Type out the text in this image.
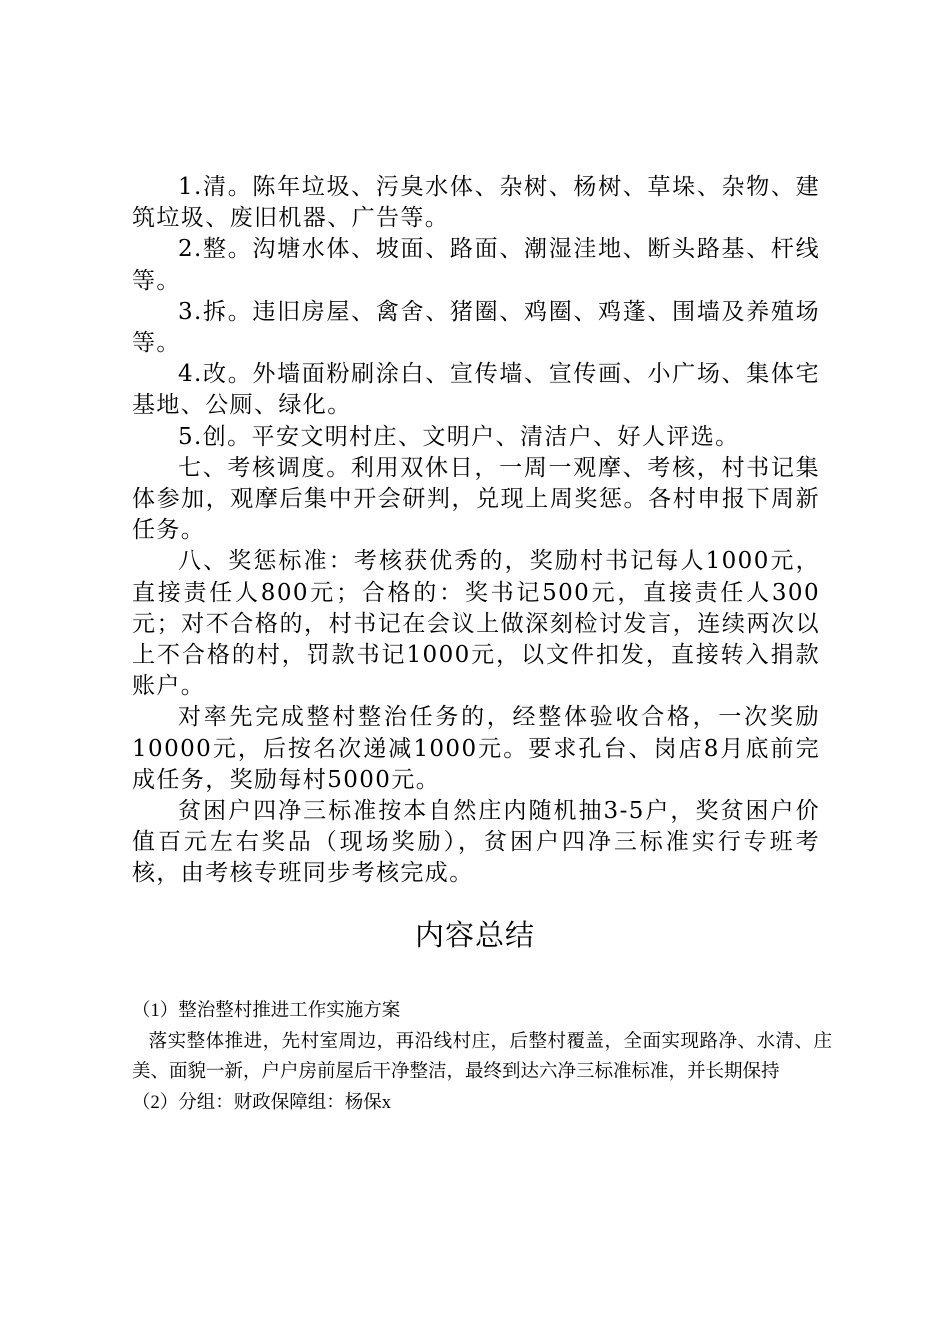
1.清。陈年垃圾、污臭水体、杂树、杨树、草垛、杂物、建筑垃圾、废旧机器、广告等。

2.整。沟塘水体、坡面、路面、潮湿洼地、断头路基、杆线等。

3.拆。违旧房屋、禽舍、猪圈、鸡圈、鸡蓬、围墙及养殖场等。

4.改。外墙面粉刷涂白、宣传墙、宣传画、小广场、集体宅基地、公厕、绿化。

5.创。平安文明村庄、文明户、清洁户、好人评选。

七、考核调度。利用双休日，一周一观摩、考核，村书记集体参加，观摩后集中开会研判，兑现上周奖惩。各村申报下周新任务。

八、奖惩标准：考核获优秀的，奖励村书记每人1000元，直接责任人800元；合格的：奖书记500元，直接责任人300元；对不合格的，村书记在会议上做深刻检讨发言，连续两次以上不合格的村，罚款书记1000元，以文件扣发，直接转入捐款账户。

对率先完成整村整治任务的，经整体验收合格，一次奖励10000元，后按名次递减1000元。要求孔台、岗店8月底前完成任务，奖励每村5000元。

贫困户四净三标准按本自然庄内随机抽3-5户，奖贫困户价值百元左右奖品（现场奖励），贫困户四净三标准实行专班考核，由考核专班同步考核完成。

内容总结

（1）整治整村推进工作实施方案

落实整体推进，先村室周边，再沿线村庄，后整村覆盖，全面实现路净、水清、庄美、面貌一新，户户房前屋后干净整洁，最终到达六净三标准标准，并长期保持

（2）分组：财政保障组：杨保x
